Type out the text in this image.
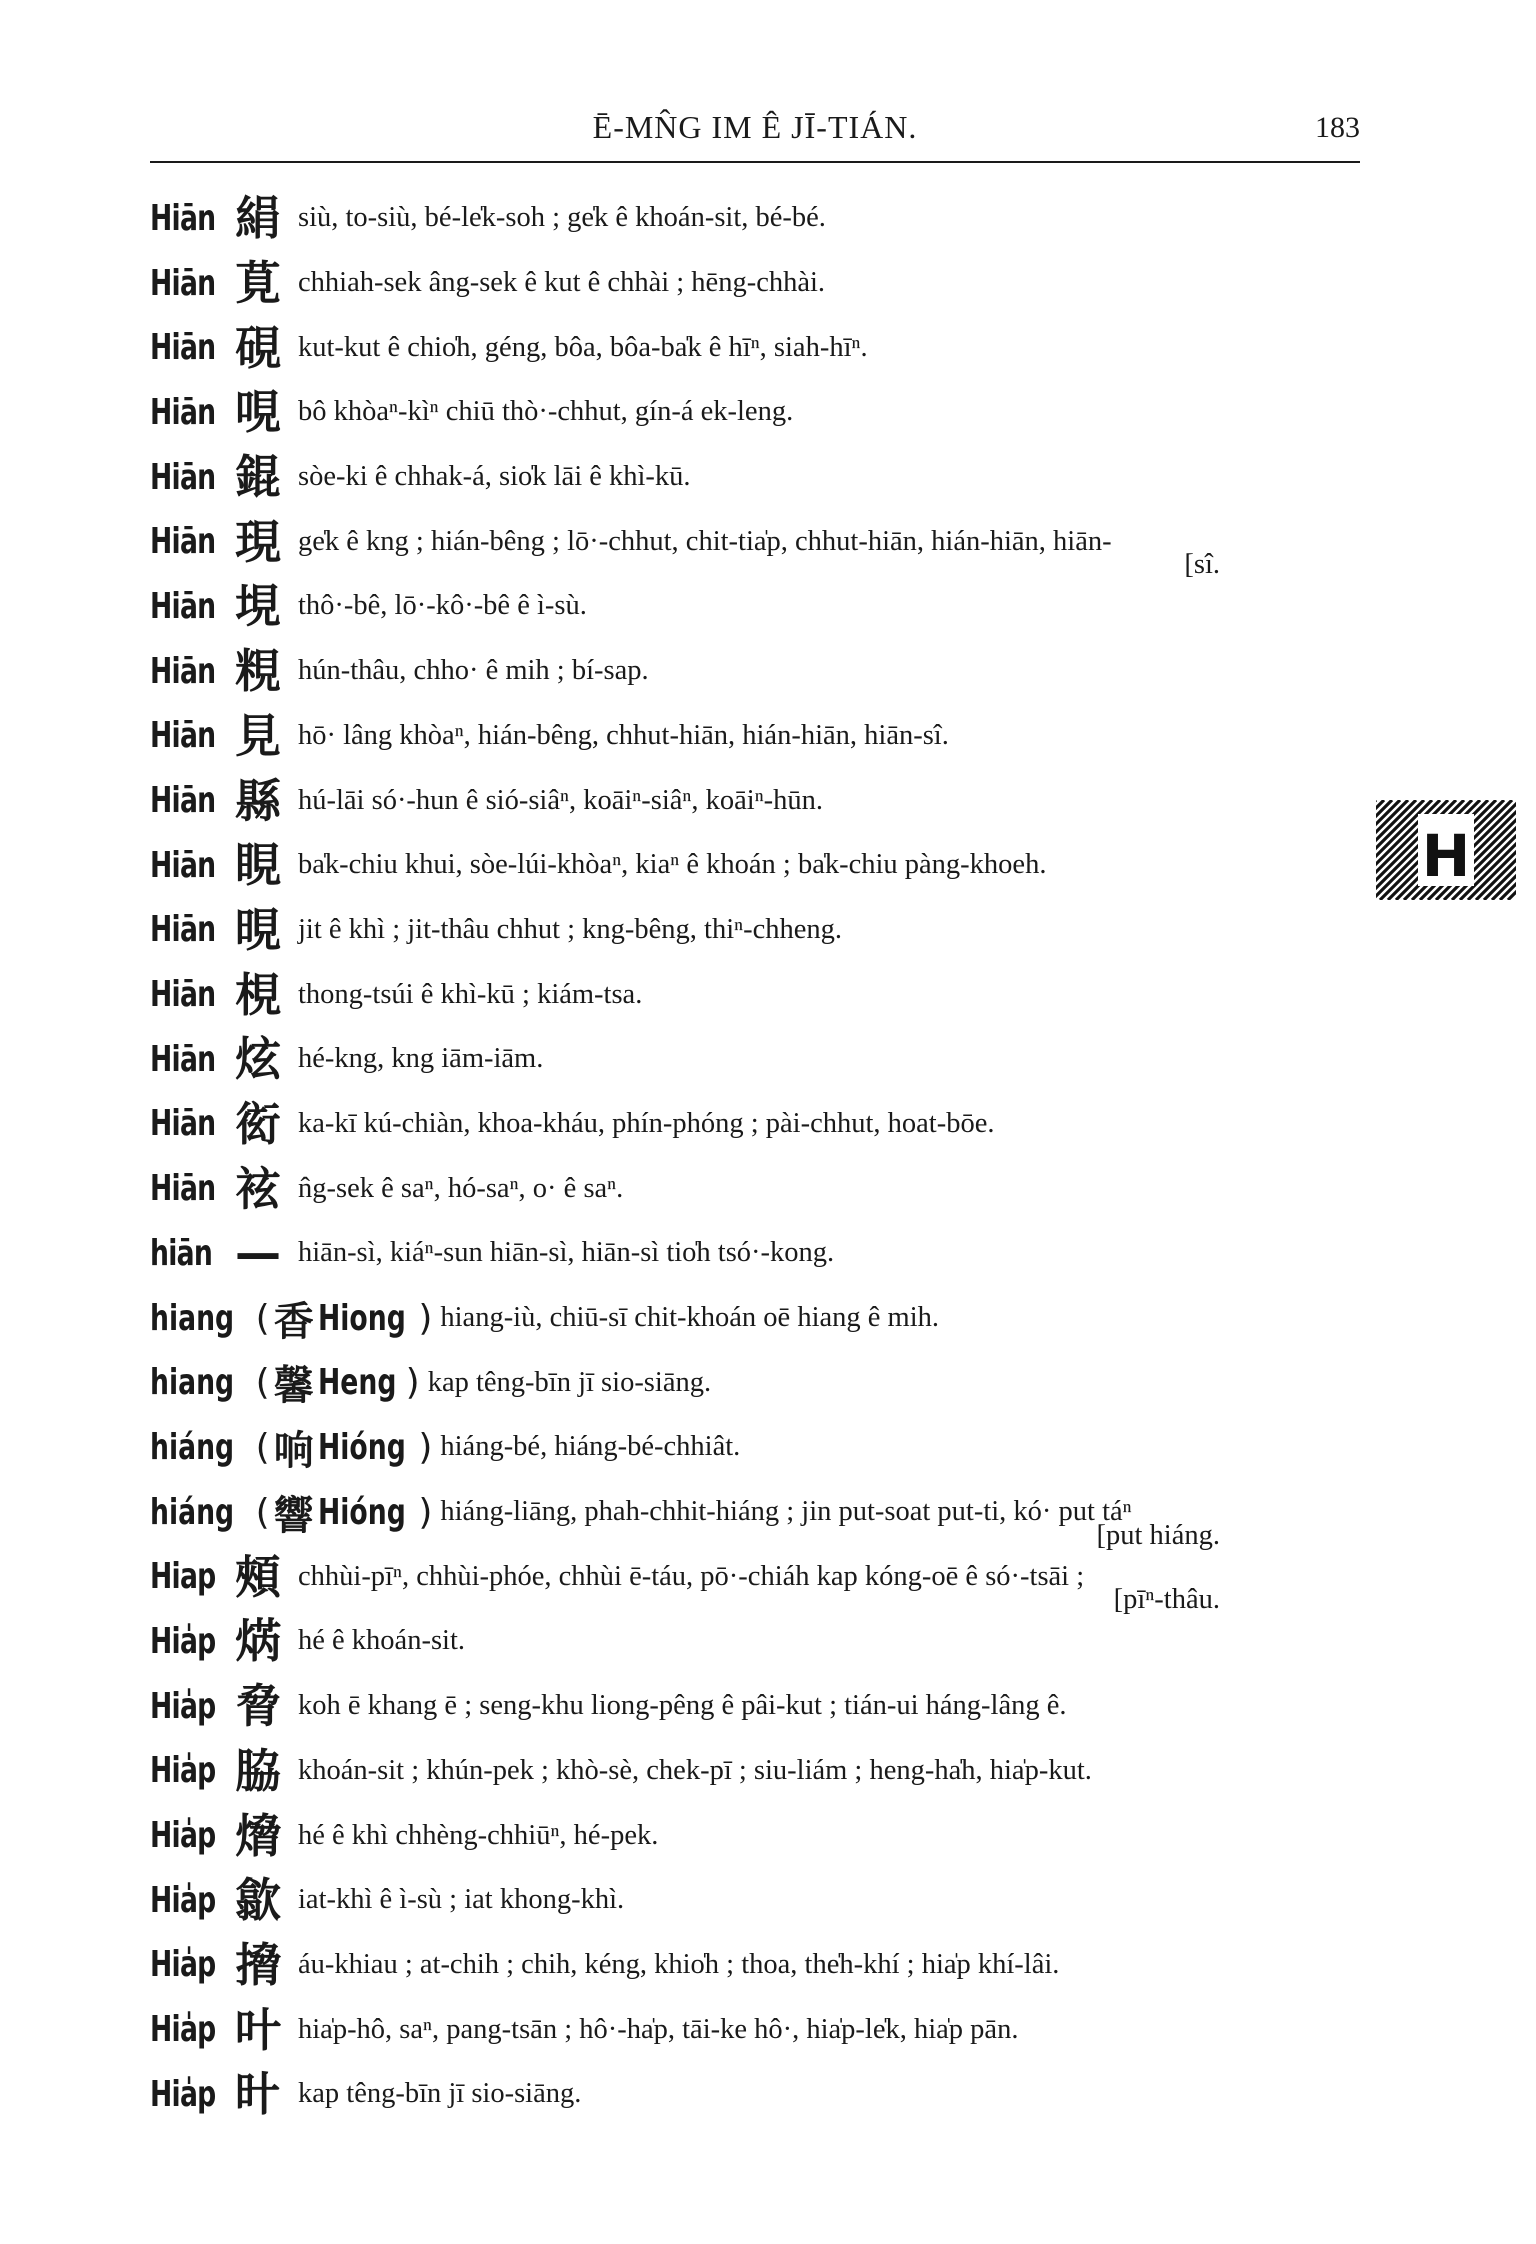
Ē-MN̂G IM Ê JĪ-TIÁN.	183
Hiān 絹 siù, to-siù, bé-le̍k-soh ; ge̍k ê khoán-sit, bé-bé.
Hiān 莧 chhiah-sek âng-sek ê kut ê chhài ; hēng-chhài.
Hiān 硯 kut-kut ê chio̍h, géng, bôa, bôa-ba̍k ê hīⁿ, siah-hīⁿ.
Hiān 哯 bô khòaⁿ-kìⁿ chiū thò·-chhut, gín-á ek-leng.
Hiān 錕 sòe-ki ê chhak-á, sio̍k lāi ê khì-kū.
Hiān 現 ge̍k ê kng ; hián-bêng ; lō·-chhut, chit-tia̍p, chhut-hiān, hián-hiān, hiān-
[sî.
Hiān 垷 thô·-bê, lō·-kô·-bê ê ì-sù.
Hiān 粯 hún-thâu, chho· ê mih ; bí-sap.
Hiān 見 hō· lâng khòaⁿ, hián-bêng, chhut-hiān, hián-hiān, hiān-sî.
Hiān 縣 hú-lāi só·-hun ê sió-siâⁿ, koāiⁿ-siâⁿ, koāiⁿ-hūn.
Hiān 睍 ba̍k-chiu khui, sòe-lúi-khòaⁿ, kiaⁿ ê khoán ; ba̍k-chiu pàng-khoeh.
Hiān 晛 jit ê khì ; jit-thâu chhut ; kng-bêng, thiⁿ-chheng.
Hiān 梘 thong-tsúi ê khì-kū ; kiám-tsa.
Hiān 炫 hé-kng, kng iām-iām.
Hiān 衒 ka-kī kú-chiàn, khoa-kháu, phín-phóng ; pài-chhut, hoat-bōe.
Hiān 袨 n̂g-sek ê saⁿ, hó-saⁿ, o· ê saⁿ.
hiān — hiān-sì, kiáⁿ-sun hiān-sì, hiān-sì tio̍h tsó·-kong.
hiang ( 香 Hiong ) hiang-iù, chiū-sī chit-khoán oē hiang ê mih.
hiang ( 馨 Heng ) kap têng-bīn jī sio-siāng.
hiáng ( 响 Hióng ) hiáng-bé, hiáng-bé-chhiât.
hiáng ( 響 Hióng ) hiáng-liāng, phah-chhit-hiáng ; jin put-soat put-ti, kó· put táⁿ
[put hiáng.
Hiap 頰 chhùi-pīⁿ, chhùi-phóe, chhùi ē-táu, pō·-chiáh kap kóng-oē ê só·-tsāi ;
[pīⁿ-thâu.
Hia̍p 焫 hé ê khoán-sit.
Hia̍p 脅 koh ē khang ē ; seng-khu liong-pêng ê pâi-kut ; tián-ui háng-lâng ê.
Hia̍p 脇 khoán-sit ; khún-pek ; khò-sè, chek-pī ; siu-liám ; heng-ha̍h, hia̍p-kut.
Hia̍p 熁 hé ê khì chhèng-chhiūⁿ, hé-pek.
Hia̍p 歙 iat-khì ê ì-sù ; iat khong-khì.
Hia̍p 搚 áu-khiau ; at-chih ; chih, kéng, khio̍h ; thoa, the̍h-khí ; hia̍p khí-lâi.
Hia̍p 叶 hia̍p-hô, saⁿ, pang-tsān ; hô·-ha̍p, tāi-ke hô·, hia̍p-le̍k, hia̍p pān.
Hia̍p 旪 kap têng-bīn jī sio-siāng.
H
